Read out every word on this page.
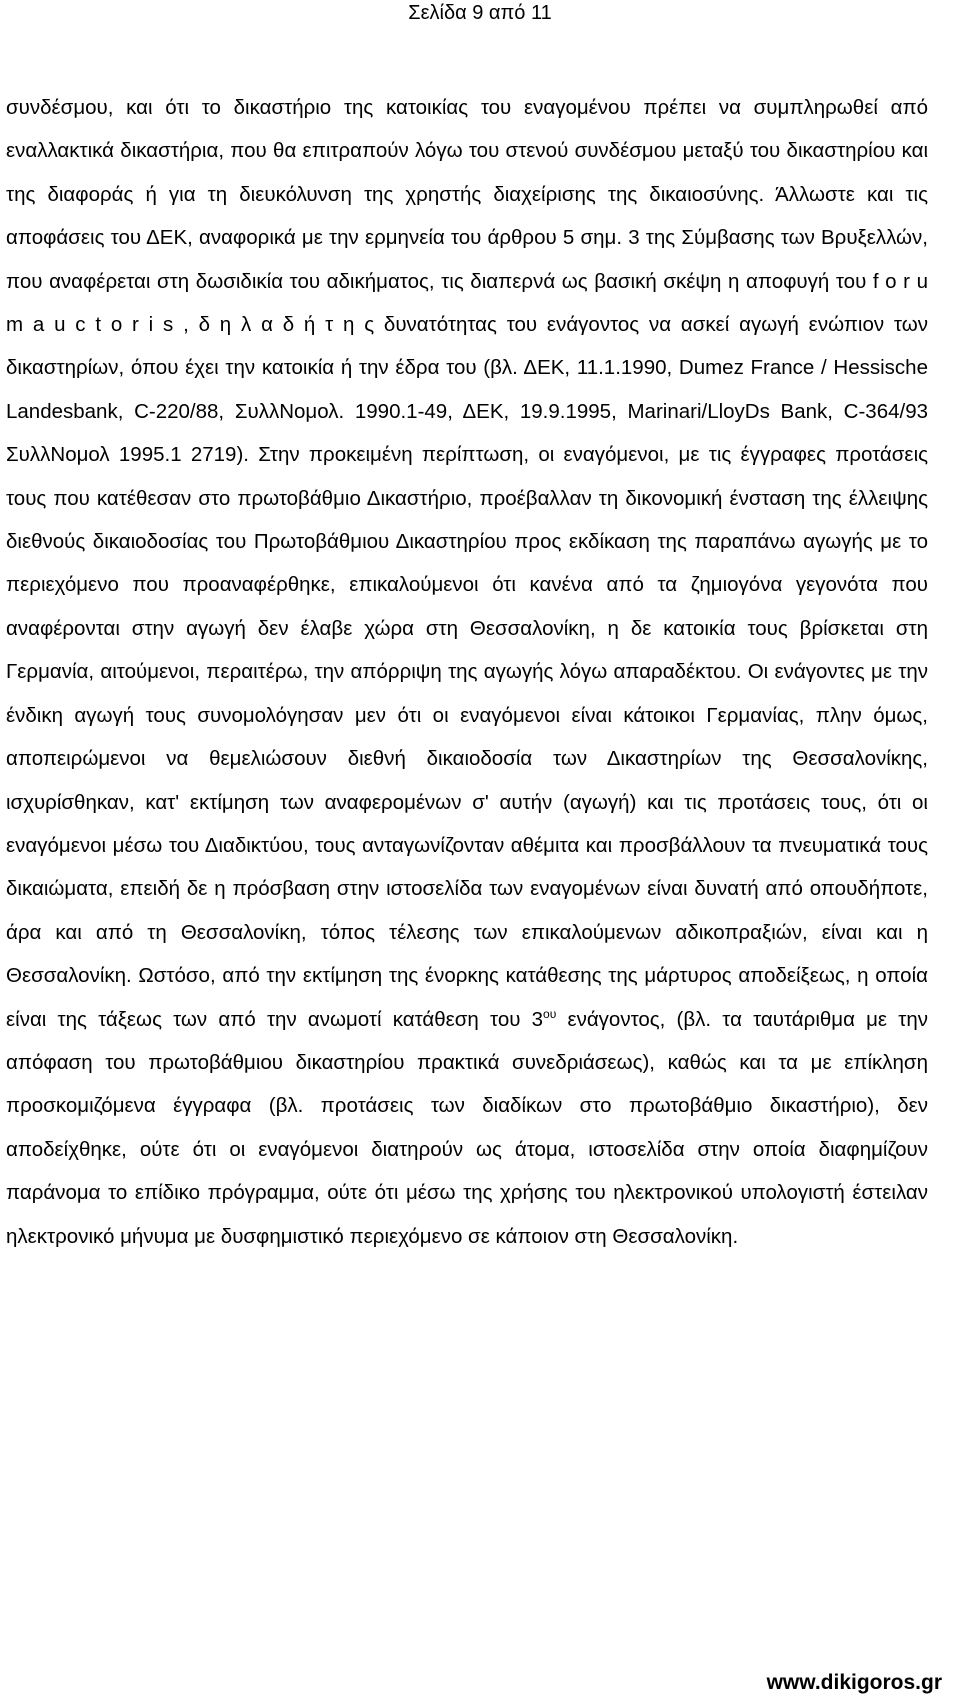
Σελίδα 9 από 11

συνδέσμου, και ότι το δικαστήριο της κατοικίας του εναγομένου πρέπει να συμπληρωθεί από εναλλακτικά δικαστήρια, που θα επιτραπούν λόγω του στενού συνδέσμου μεταξύ του δικαστηρίου και της διαφοράς ή για τη διευκόλυνση της χρηστής διαχείρισης της δικαιοσύνης. Άλλωστε και τις αποφάσεις του ΔΕΚ, αναφορικά με την ερμηνεία του άρθρου 5 σημ. 3 της Σύμβασης των Βρυξελλών, που αναφέρεται στη δωσιδικία του αδικήματος, τις διαπερνά ως βασική σκέψη η αποφυγή του f o r u m a u c t o r i s , δ η λ α δ ή τ η ς δυνατότητας του ενάγοντος να ασκεί αγωγή ενώπιον των δικαστηρίων, όπου έχει την κατοικία ή την έδρα του (βλ. ΔΕΚ, 11.1.1990, Dumez France / Hessische Landesbank, C-220/88, ΣυλλΝομολ. 1990.1-49, ΔΕΚ, 19.9.1995, Marinari/LloyDs Bank, C-364/93 ΣυλλΝομολ 1995.1 2719). Στην προκειμένη περίπτωση, οι εναγόμενοι, με τις έγγραφες προτάσεις τους που κατέθεσαν στο πρωτοβάθμιο Δικαστήριο, προέβαλλαν τη δικονομική ένσταση της έλλειψης διεθνούς δικαιοδοσίας του Πρωτοβάθμιου Δικαστηρίου προς εκδίκαση της παραπάνω αγωγής με το περιεχόμενο που προαναφέρθηκε, επικαλούμενοι ότι κανένα από τα ζημιογόνα γεγονότα που αναφέρονται στην αγωγή δεν έλαβε χώρα στη Θεσσαλονίκη, η δε κατοικία τους βρίσκεται στη Γερμανία, αιτούμενοι, περαιτέρω, την απόρριψη της αγωγής λόγω απαραδέκτου. Οι ενάγοντες με την ένδικη αγωγή τους συνομολόγησαν μεν ότι οι εναγόμενοι είναι κάτοικοι Γερμανίας, πλην όμως, αποπειρώμενοι να θεμελιώσουν διεθνή δικαιοδοσία των Δικαστηρίων της Θεσσαλονίκης, ισχυρίσθηκαν, κατ' εκτίμηση των αναφερομένων σ' αυτήν (αγωγή) και τις προτάσεις τους, ότι οι εναγόμενοι μέσω του Διαδικτύου, τους ανταγωνίζονταν αθέμιτα και προσβάλλουν τα πνευματικά τους δικαιώματα, επειδή δε η πρόσβαση στην ιστοσελίδα των εναγομένων είναι δυνατή από οπουδήποτε, άρα και από τη Θεσσαλονίκη, τόπος τέλεσης των επικαλούμενων αδικοπραξιών, είναι και η Θεσσαλονίκη. Ωστόσο, από την εκτίμηση της ένορκης κατάθεσης της μάρτυρος αποδείξεως, η οποία είναι της τάξεως των από την ανωμοτί κατάθεση του $3^{o\upsilon}$ ενάγοντος, (βλ. τα ταυτάριθμα με την απόφαση του πρωτοβάθμιου δικαστηρίου πρακτικά συνεδριάσεως), καθώς και τα με επίκληση προσκομιζόμενα έγγραφα (βλ. προτάσεις των διαδίκων στο πρωτοβάθμιο δικαστήριο), δεν αποδείχθηκε, ούτε ότι οι εναγόμενοι διατηρούν ως άτομα, ιστοσελίδα στην οποία διαφημίζουν παράνομα το επίδικο πρόγραμμα, ούτε ότι μέσω της χρήσης του ηλεκτρονικού υπολογιστή έστειλαν ηλεκτρονικό μήνυμα με δυσφημιστικό περιεχόμενο σε κάποιον στη Θεσσαλονίκη.

www.dikigoros.gr
